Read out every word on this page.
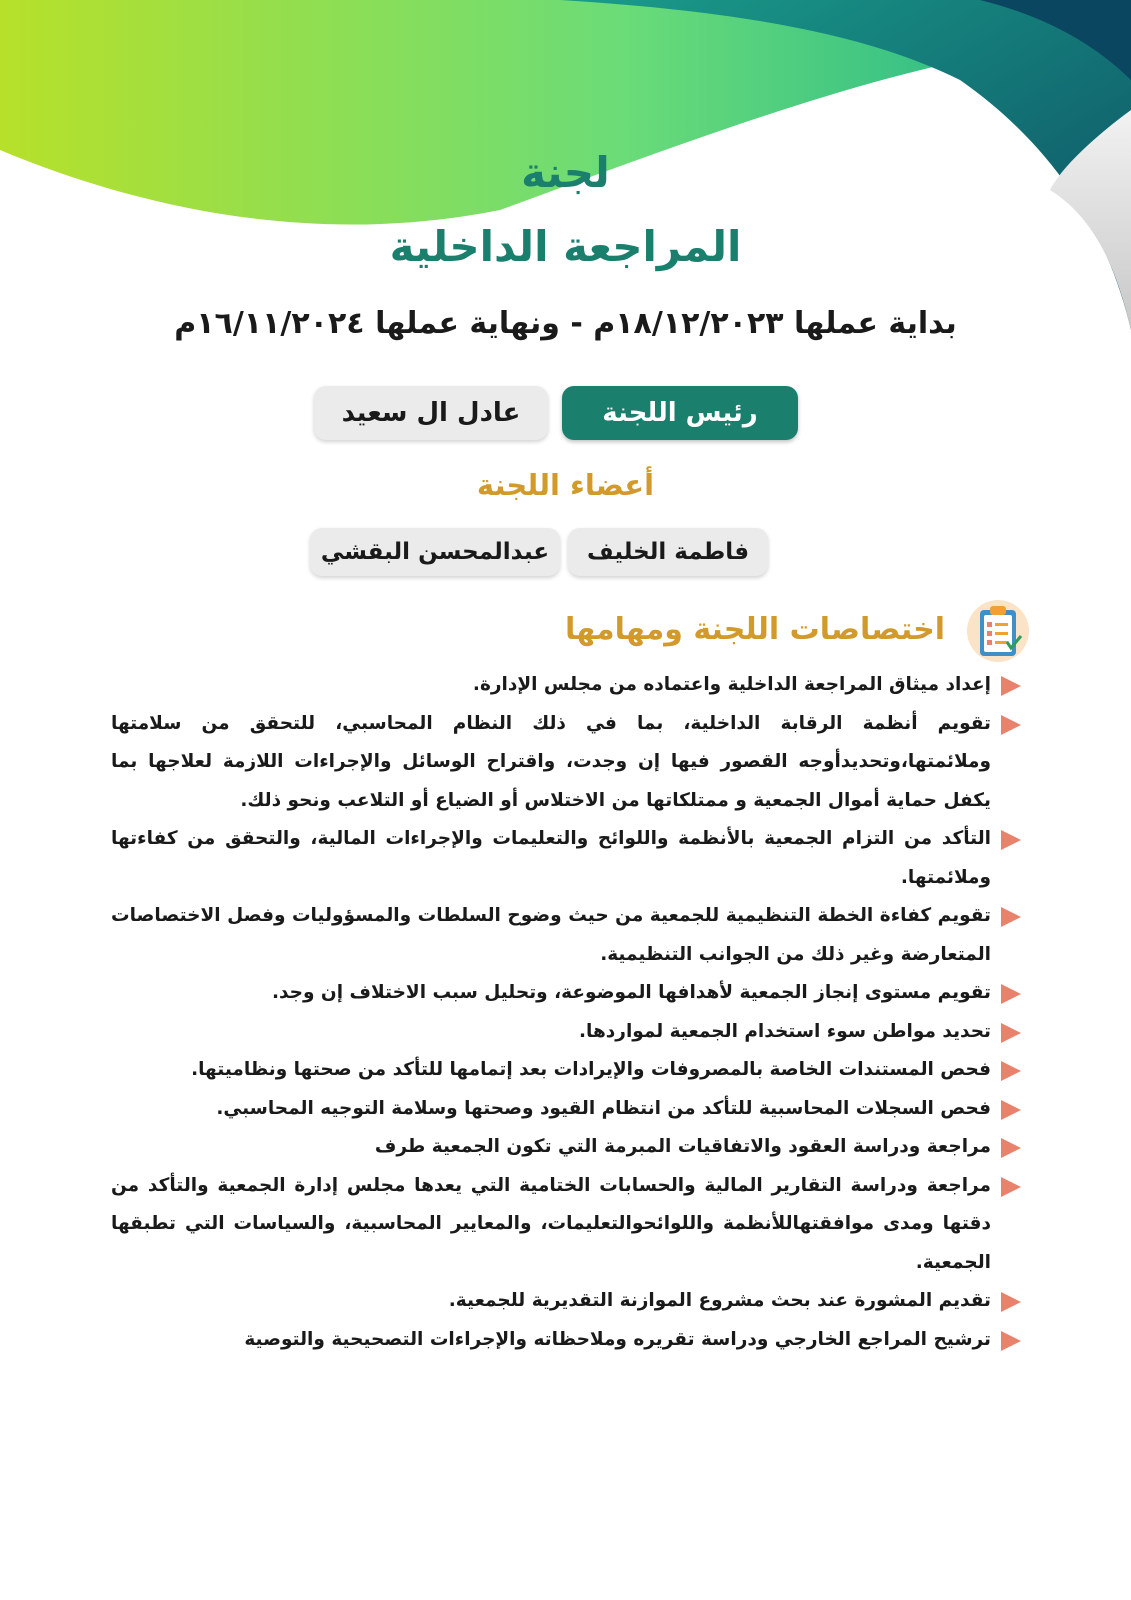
لجنة
المراجعة الداخلية
بداية عملها ١٨/١٢/٢٠٢٣م - ونهاية عملها ١٦/١١/٢٠٢٤م
رئيس اللجنة
عادل ال سعيد
أعضاء اللجنة
فاطمة الخليف
عبدالمحسن البقشي
اختصاصات اللجنة ومهامها
إعداد ميثاق المراجعة الداخلية واعتماده من مجلس الإدارة.
تقويم أنظمة الرقابة الداخلية، بما في ذلك النظام المحاسبي، للتحقق من سلامتها وملائمتها،وتحديدأوجه القصور فيها إن وجدت، واقتراح الوسائل والإجراءات اللازمة لعلاجها بما يكفل حماية أموال الجمعية و ممتلكاتها من الاختلاس أو الضياع أو التلاعب ونحو ذلك.
التأكد من التزام الجمعية بالأنظمة واللوائح والتعليمات والإجراءات المالية، والتحقق من كفاءتها وملائمتها.
تقويم كفاءة الخطة التنظيمية للجمعية من حيث وضوح السلطات والمسؤوليات وفصل الاختصاصات المتعارضة وغير ذلك من الجوانب التنظيمية.
تقويم مستوى إنجاز الجمعية لأهدافها الموضوعة، وتحليل سبب الاختلاف إن وجد.
تحديد مواطن سوء استخدام الجمعية لمواردها.
فحص المستندات الخاصة بالمصروفات والإيرادات بعد إتمامها للتأكد من صحتها ونظاميتها.
فحص السجلات المحاسبية للتأكد من انتظام القيود وصحتها وسلامة التوجيه المحاسبي.
مراجعة ودراسة العقود والاتفاقيات المبرمة التي تكون الجمعية طرف
مراجعة ودراسة التقارير المالية والحسابات الختامية التي يعدها مجلس إدارة الجمعية والتأكد من دقتها ومدى موافقتهاللأنظمة واللوائحوالتعليمات، والمعايير المحاسبية، والسياسات التي تطبقها الجمعية.
تقديم المشورة عند بحث مشروع الموازنة التقديرية للجمعية.
ترشيح المراجع الخارجي ودراسة تقريره وملاحظاته والإجراءات التصحيحية والتوصية
